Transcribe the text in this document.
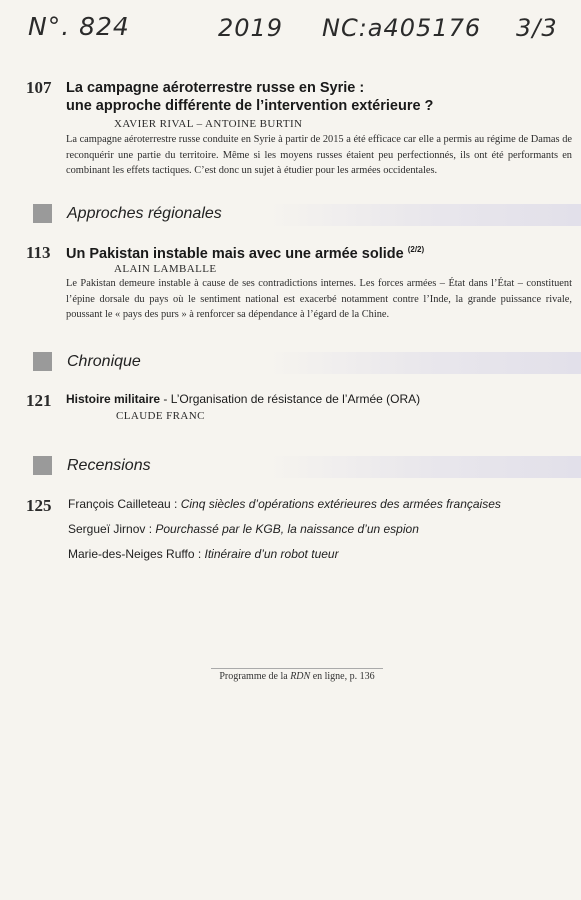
N°. 824	2019 NC:a405176 3/3
107 La campagne aéroterrestre russe en Syrie :
une approche différente de l’intervention extérieure ?
XAVIER RIVAL – ANTOINE BURTIN
La campagne aéroterrestre russe conduite en Syrie à partir de 2015 a été efficace car elle a permis au régime de Damas de reconquérir une partie du territoire. Même si les moyens russes étaient peu perfectionnés, ils ont été performants en combinant les effets tactiques. C’est donc un sujet à étudier pour les armées occidentales.
Approches régionales
113 Un Pakistan instable mais avec une armée solide $^{(2/2)}$
ALAIN LAMBALLE
Le Pakistan demeure instable à cause de ses contradictions internes. Les forces armées – État dans l’État – constituent l’épine dorsale du pays où le sentiment national est exacerbé notamment contre l’Inde, la grande puissance rivale, poussant le « pays des purs » à renforcer sa dépendance à l’égard de la Chine.
Chronique
121 Histoire militaire - L’Organisation de résistance de l’Armée (ORA)
CLAUDE FRANC
Recensions
125 François Cailleteau : Cinq siècles d’opérations extérieures des armées françaises
Sergueï Jirnov : Pourchassé par le KGB, la naissance d’un espion
Marie-des-Neiges Ruffo : Itinéraire d’un robot tueur
Programme de la RDN en ligne, p. 136
